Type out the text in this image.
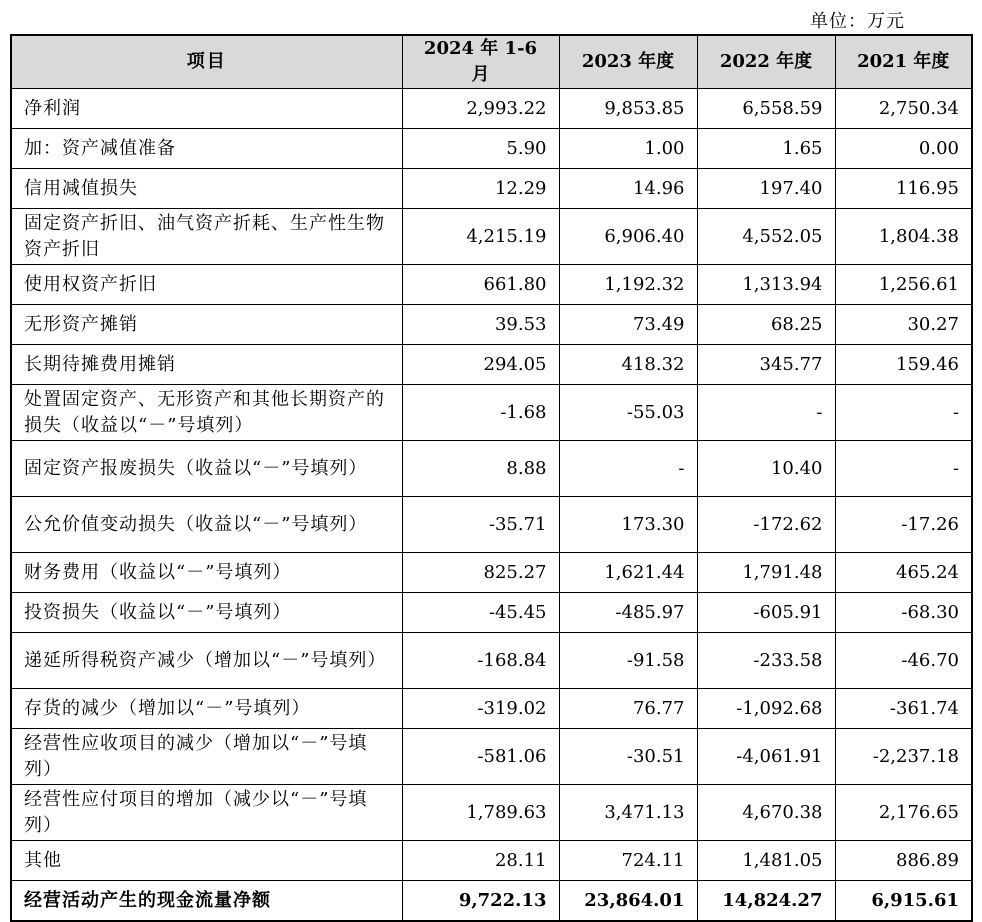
单位：万元
项目	2024 年 1-6 月	2023 年度	2022 年度	2021 年度
净利润	2,993.22	9,853.85	6,558.59	2,750.34
加：资产减值准备	5.90	1.00	1.65	0.00
信用减值损失	12.29	14.96	197.40	116.95
固定资产折旧、油气资产折耗、生产性生物资产折旧	4,215.19	6,906.40	4,552.05	1,804.38
使用权资产折旧	661.80	1,192.32	1,313.94	1,256.61
无形资产摊销	39.53	73.49	68.25	30.27
长期待摊费用摊销	294.05	418.32	345.77	159.46
处置固定资产、无形资产和其他长期资产的损失（收益以“－”号填列）	-1.68	-55.03	-	-
固定资产报废损失（收益以“－”号填列）	8.88	-	10.40	-
公允价值变动损失（收益以“－”号填列）	-35.71	173.30	-172.62	-17.26
财务费用（收益以“－”号填列）	825.27	1,621.44	1,791.48	465.24
投资损失（收益以“－”号填列）	-45.45	-485.97	-605.91	-68.30
递延所得税资产减少（增加以“－”号填列）	-168.84	-91.58	-233.58	-46.70
存货的减少（增加以“－”号填列）	-319.02	76.77	-1,092.68	-361.74
经营性应收项目的减少（增加以“－”号填列）	-581.06	-30.51	-4,061.91	-2,237.18
经营性应付项目的增加（减少以“－”号填列）	1,789.63	3,471.13	4,670.38	2,176.65
其他	28.11	724.11	1,481.05	886.89
经营活动产生的现金流量净额	9,722.13	23,864.01	14,824.27	6,915.61
